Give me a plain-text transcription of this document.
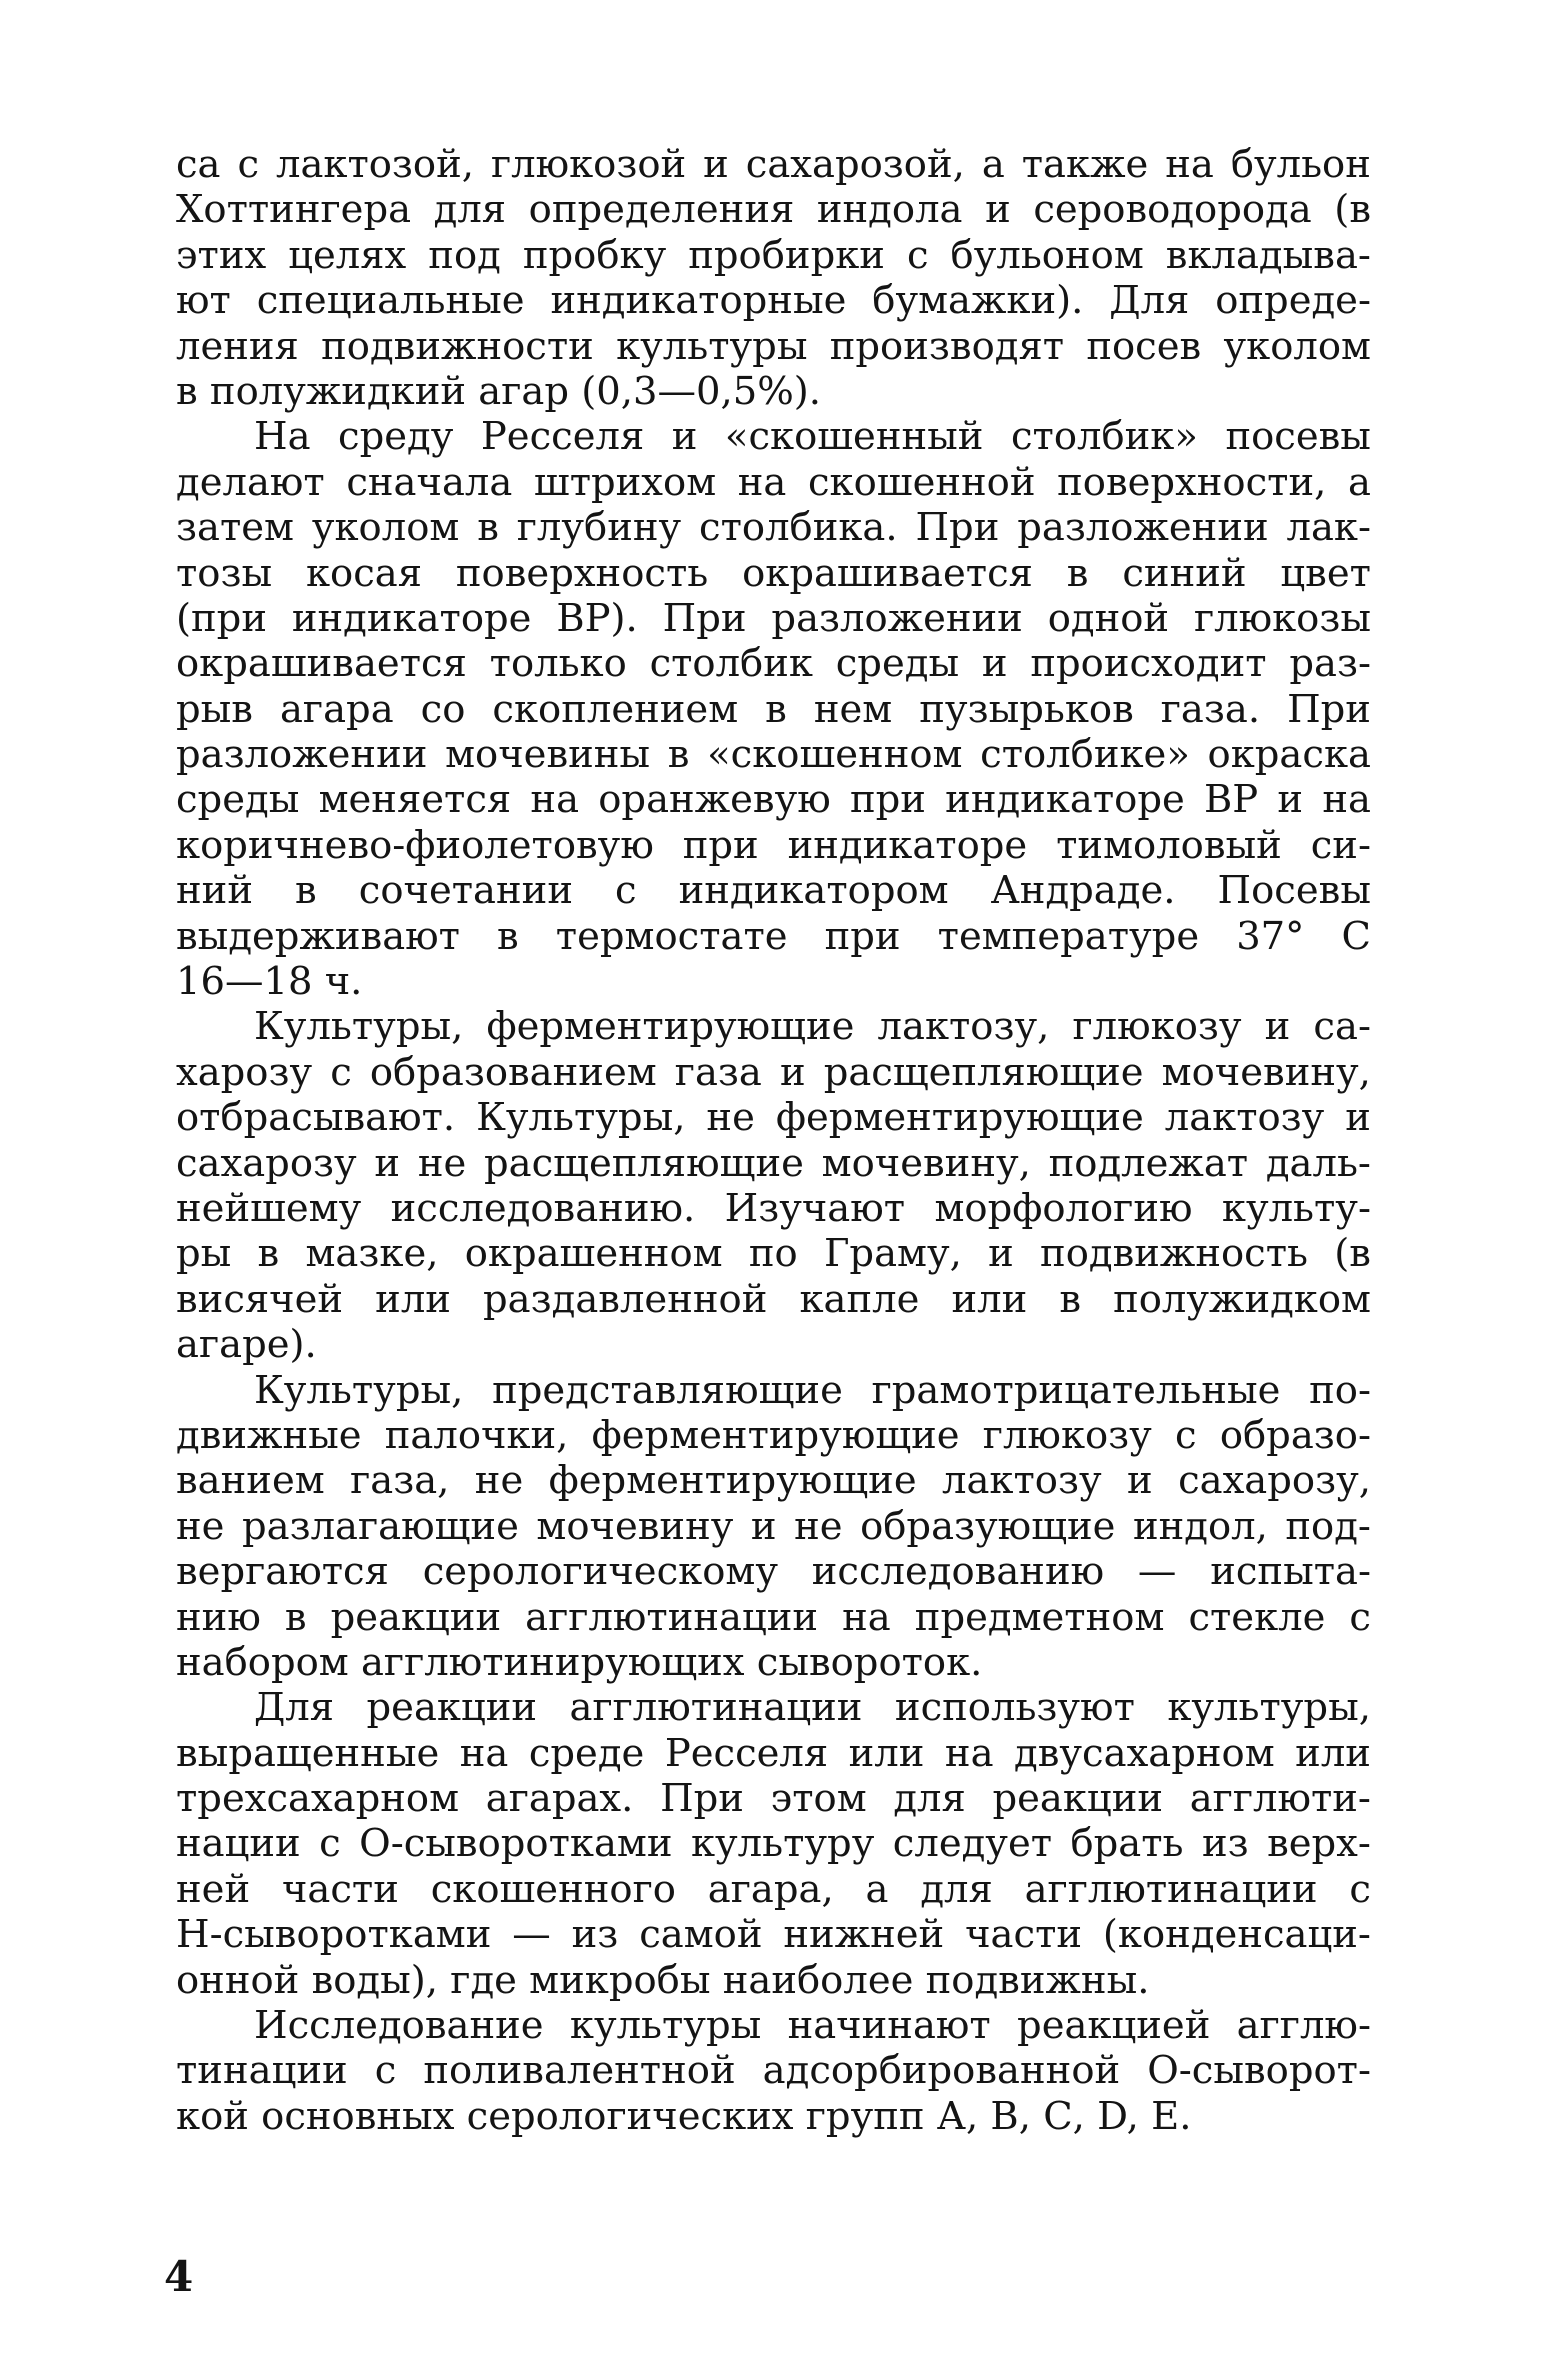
са с лактозой, глюкозой и сахарозой, а также на бульон
Хоттингера для определения индола и сероводорода (в
этих целях под пробку пробирки с бульоном вкладыва-
ют специальные индикаторные бумажки). Для опреде-
ления подвижности культуры производят посев уколом
в полужидкий агар (0,3—0,5%).
На среду Ресселя и «скошенный столбик» посевы
делают сначала штрихом на скошенной поверхности, а
затем уколом в глубину столбика. При разложении лак-
тозы косая поверхность окрашивается в синий цвет
(при индикаторе ВР). При разложении одной глюкозы
окрашивается только столбик среды и происходит раз-
рыв агара со скоплением в нем пузырьков газа. При
разложении мочевины в «скошенном столбике» окраска
среды меняется на оранжевую при индикаторе ВР и на
коричнево-фиолетовую при индикаторе тимоловый си-
ний в сочетании с индикатором Андраде. Посевы
выдерживают в термостате при температуре 37° С
16—18 ч.
Культуры, ферментирующие лактозу, глюкозу и са-
харозу с образованием газа и расщепляющие мочевину,
отбрасывают. Культуры, не ферментирующие лактозу и
сахарозу и не расщепляющие мочевину, подлежат даль-
нейшему исследованию. Изучают морфологию культу-
ры в мазке, окрашенном по Граму, и подвижность (в
висячей или раздавленной капле или в полужидком
агаре).
Культуры, представляющие грамотрицательные по-
движные палочки, ферментирующие глюкозу с образо-
ванием газа, не ферментирующие лактозу и сахарозу,
не разлагающие мочевину и не образующие индол, под-
вергаются серологическому исследованию — испыта-
нию в реакции агглютинации на предметном стекле с
набором агглютинирующих сывороток.
Для реакции агглютинации используют культуры,
выращенные на среде Ресселя или на двусахарном или
трехсахарном агарах. При этом для реакции агглюти-
нации с О-сыворотками культуру следует брать из верх-
ней части скошенного агара, а для агглютинации с
Н-сыворотками — из самой нижней части (конденсаци-
онной воды), где микробы наиболее подвижны.
Исследование культуры начинают реакцией агглю-
тинации с поливалентной адсорбированной О-сыворот-
кой основных серологических групп А, В, С, D, Е.
4
